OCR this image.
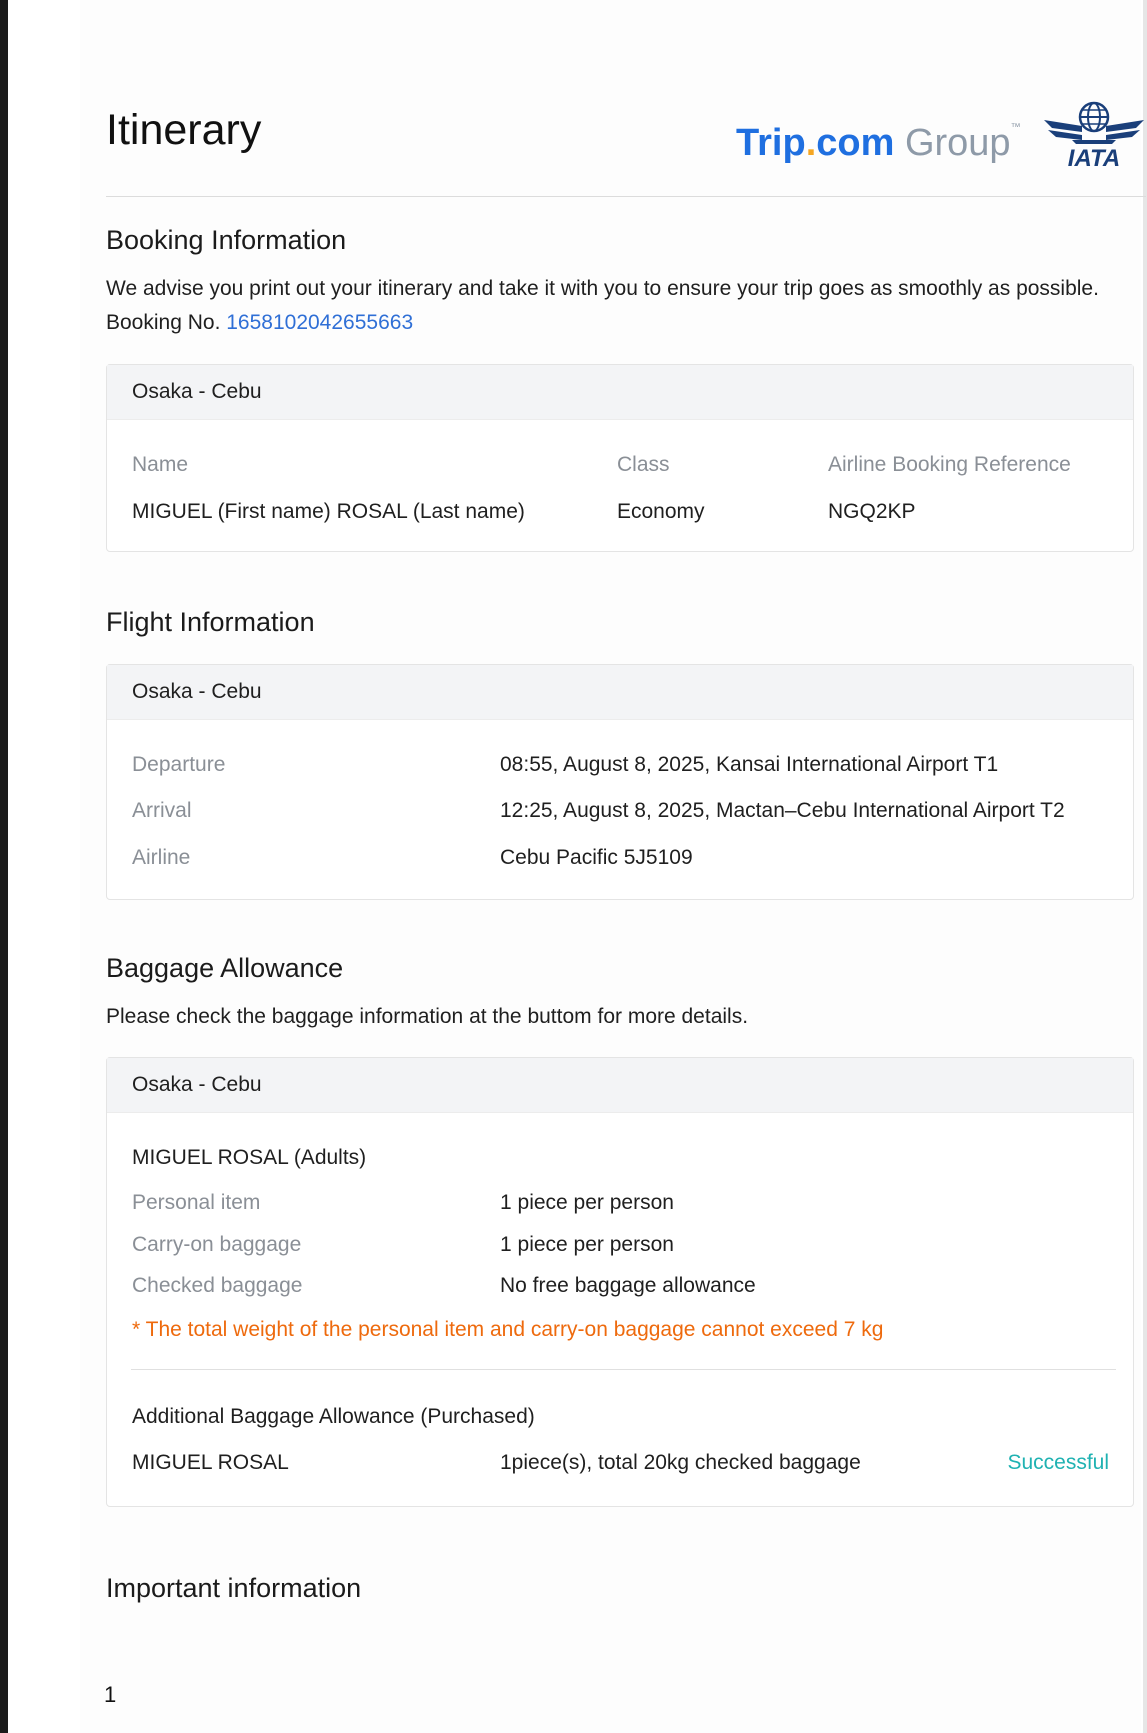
Itinerary	Trip.com Group™
IATA
Booking Information
We advise you print out your itinerary and take it with you to ensure your trip goes as smoothly as possible.
Booking No. 1658102042655663
Osaka - Cebu
Name	Class	Airline Booking Reference
MIGUEL (First name) ROSAL (Last name)	Economy	NGQ2KP
Flight Information
Osaka - Cebu
Departure	08:55, August 8, 2025, Kansai International Airport T1
Arrival	12:25, August 8, 2025, Mactan–Cebu International Airport T2
Airline	Cebu Pacific 5J5109
Baggage Allowance
Please check the baggage information at the buttom for more details.
Osaka - Cebu
MIGUEL ROSAL (Adults)
Personal item	1 piece per person
Carry-on baggage	1 piece per person
Checked baggage	No free baggage allowance
* The total weight of the personal item and carry-on baggage cannot exceed 7 kg
Additional Baggage Allowance (Purchased)
MIGUEL ROSAL	1piece(s), total 20kg checked baggage	Successful
Important information
1
